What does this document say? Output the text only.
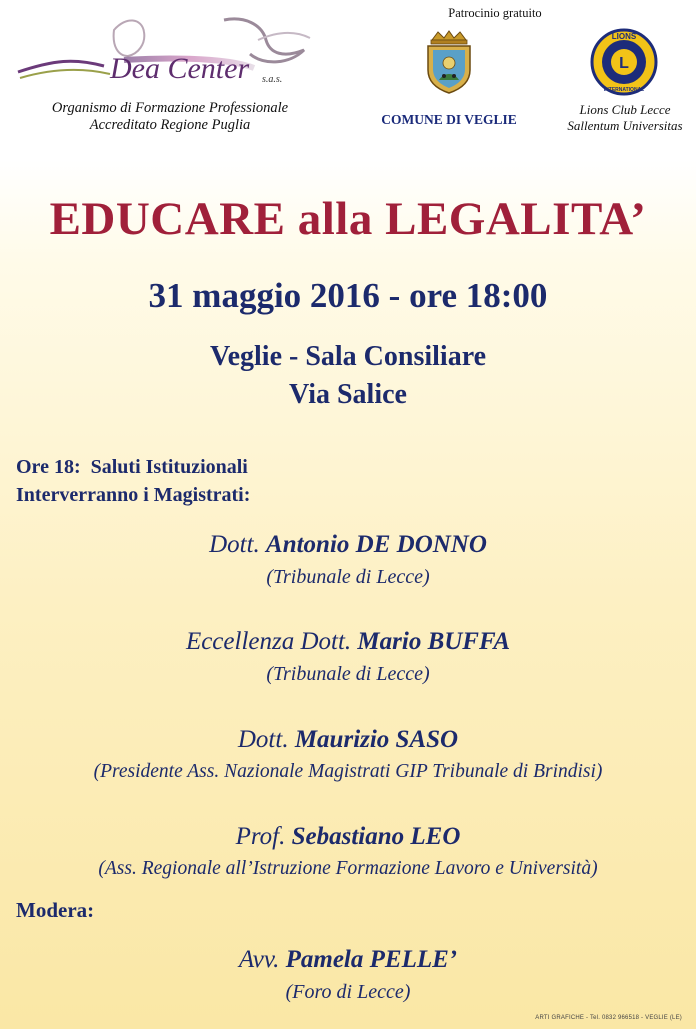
Dea Center s.a.s.
Organismo di Formazione Professionale
Accreditato Regione Puglia
Patrocinio gratuito
COMUNE DI VEGLIE
L
LIONS
INTERNATIONAL
Lions Club Lecce
Sallentum Universitas
EDUCARE alla LEGALITA’
31 maggio 2016 - ore 18:00
Veglie - Sala Consiliare
Via Salice
Ore 18:  Saluti Istituzionali
Interverranno i Magistrati:
Dott. Antonio DE DONNO
(Tribunale di Lecce)
Eccellenza Dott. Mario BUFFA
(Tribunale di Lecce)
Dott. Maurizio SASO
(Presidente Ass. Nazionale Magistrati GIP Tribunale di Brindisi)
Prof. Sebastiano LEO
(Ass. Regionale all’Istruzione Formazione Lavoro e Università)
Modera:
Avv. Pamela PELLE’
(Foro di Lecce)
ARTI GRAFICHE - Tel. 0832 966518 - VEGLIE (LE)
